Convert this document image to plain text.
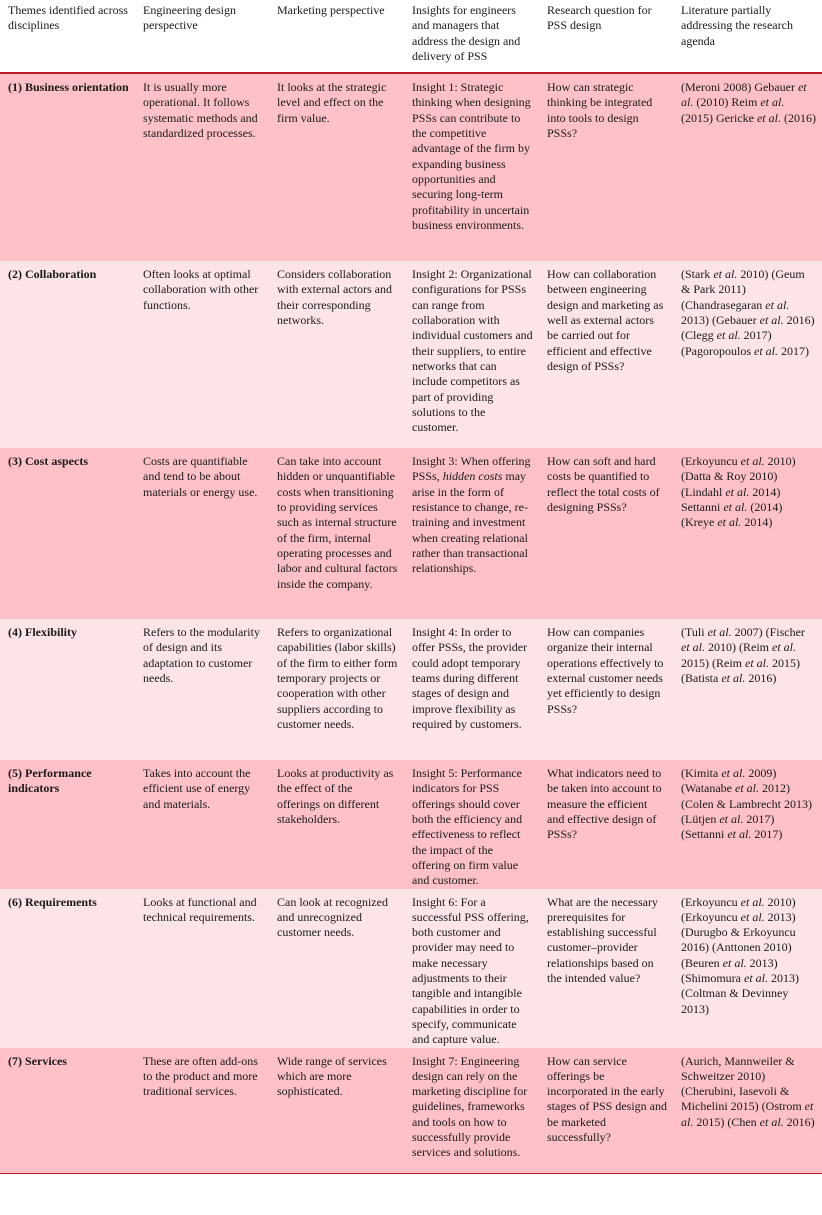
Themes identified across disciplines	Engineering design perspective	Marketing perspective	Insights for engineers and managers that address the design and delivery of PSS	Research question for PSS design	Literature partially addressing the research agenda
(1) Business orientation	It is usually more operational. It follows systematic methods and standardized processes.	It looks at the strategic level and effect on the firm value.	Insight 1: Strategic thinking when designing PSSs can contribute to the competitive advantage of the firm by expanding business opportunities and securing long-term profitability in uncertain business environments.	How can strategic thinking be integrated into tools to design PSSs?	(Meroni 2008) Gebauer et al. (2010) Reim et al. (2015) Gericke et al. (2016)
(2) Collaboration	Often looks at optimal collaboration with other functions.	Considers collaboration with external actors and their corresponding networks.	Insight 2: Organizational configurations for PSSs can range from collaboration with individual customers and their suppliers, to entire networks that can include competitors as part of providing solutions to the customer.	How can collaboration between engineering design and marketing as well as external actors be carried out for efficient and effective design of PSSs?	(Stark et al. 2010) (Geum & Park 2011) (Chandrasegaran et al. 2013) (Gebauer et al. 2016) (Clegg et al. 2017) (Pagoropoulos et al. 2017)
(3) Cost aspects	Costs are quantifiable and tend to be about materials or energy use.	Can take into account hidden or unquantifiable costs when transitioning to providing services such as internal structure of the firm, internal operating processes and labor and cultural factors inside the company.	Insight 3: When offering PSSs, hidden costs may arise in the form of resistance to change, re-training and investment when creating relational rather than transactional relationships.	How can soft and hard costs be quantified to reflect the total costs of designing PSSs?	(Erkoyuncu et al. 2010) (Datta & Roy 2010) (Lindahl et al. 2014) Settanni et al. (2014) (Kreye et al. 2014)
(4) Flexibility	Refers to the modularity of design and its adaptation to customer needs.	Refers to organizational capabilities (labor skills) of the firm to either form temporary projects or cooperation with other suppliers according to customer needs.	Insight 4: In order to offer PSSs, the provider could adopt temporary teams during different stages of design and improve flexibility as required by customers.	How can companies organize their internal operations effectively to external customer needs yet efficiently to design PSSs?	(Tuli et al. 2007) (Fischer et al. 2010) (Reim et al. 2015) (Reim et al. 2015) (Batista et al. 2016)
(5) Performance indicators	Takes into account the efficient use of energy and materials.	Looks at productivity as the effect of the offerings on different stakeholders.	Insight 5: Performance indicators for PSS offerings should cover both the efficiency and effectiveness to reflect the impact of the offering on firm value and customer.	What indicators need to be taken into account to measure the efficient and effective design of PSSs?	(Kimita et al. 2009) (Watanabe et al. 2012) (Colen & Lambrecht 2013) (Lütjen et al. 2017) (Settanni et al. 2017)
(6) Requirements	Looks at functional and technical requirements.	Can look at recognized and unrecognized customer needs.	Insight 6: For a successful PSS offering, both customer and provider may need to make necessary adjustments to their tangible and intangible capabilities in order to specify, communicate and capture value.	What are the necessary prerequisites for establishing successful customer–provider relationships based on the intended value?	(Erkoyuncu et al. 2010) (Erkoyuncu et al. 2013) (Durugbo & Erkoyuncu 2016) (Anttonen 2010) (Beuren et al. 2013) (Shimomura et al. 2013) (Coltman & Devinney 2013)
(7) Services	These are often add-ons to the product and more traditional services.	Wide range of services which are more sophisticated.	Insight 7: Engineering design can rely on the marketing discipline for guidelines, frameworks and tools on how to successfully provide services and solutions.	How can service offerings be incorporated in the early stages of PSS design and be marketed successfully?	(Aurich, Mannweiler & Schweitzer 2010) (Cherubini, Iasevoli & Michelini 2015) (Ostrom et al. 2015) (Chen et al. 2016)
